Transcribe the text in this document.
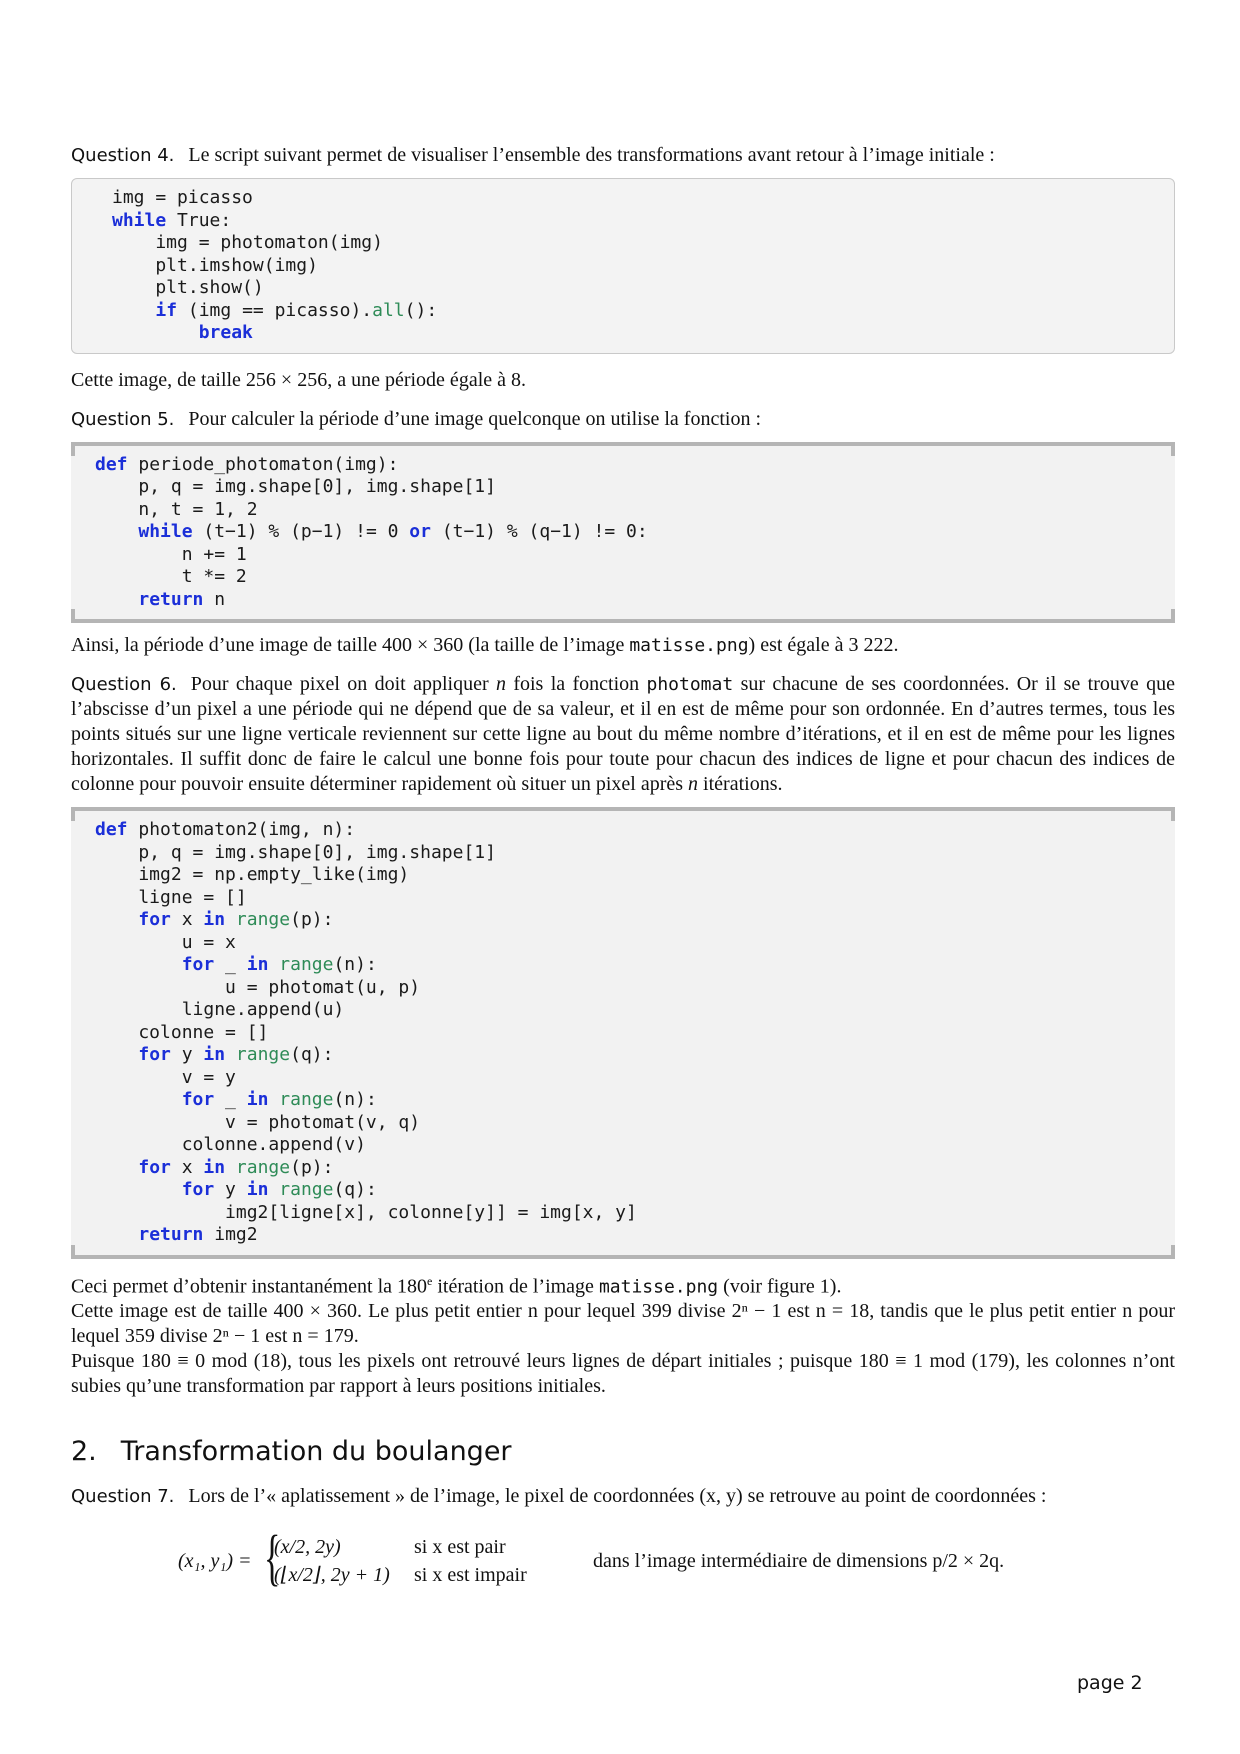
Question 4. Le script suivant permet de visualiser l’ensemble des transformations avant retour à l’image initiale :

img = picasso
while True:
img = photomaton(img)
plt.imshow(img)
plt.show()
if (img == picasso).all():
break

Cette image, de taille 256 × 256, a une période égale à 8.

Question 5. Pour calculer la période d’une image quelconque on utilise la fonction :

def periode_photomaton(img):
p, q = img.shape[0], img.shape[1]
n, t = 1, 2
while (t−1) % (p−1) != 0 or (t−1) % (q−1) != 0:
n += 1
t *= 2
return n

Ainsi, la période d’une image de taille 400 × 360 (la taille de l’image matisse.png) est égale à 3 222.

Question 6. Pour chaque pixel on doit appliquer n fois la fonction photomat sur chacune de ses coordonnées. Or il se trouve que l’abscisse d’un pixel a une période qui ne dépend que de sa valeur, et il en est de même pour son ordonnée. En d’autres termes, tous les points situés sur une ligne verticale reviennent sur cette ligne au bout du même nombre d’itérations, et il en est de même pour les lignes horizontales. Il suffit donc de faire le calcul une bonne fois pour toute pour chacun des indices de ligne et pour chacun des indices de colonne pour pouvoir ensuite déterminer rapidement où situer un pixel après n itérations.

def photomaton2(img, n):
p, q = img.shape[0], img.shape[1]
img2 = np.empty_like(img)
ligne = []
for x in range(p):
u = x
for _ in range(n):
u = photomat(u, p)
ligne.append(u)
colonne = []
for y in range(q):
v = y
for _ in range(n):
v = photomat(v, q)
colonne.append(v)
for x in range(p):
for y in range(q):
img2[ligne[x], colonne[y]] = img[x, y]
return img2

Ceci permet d’obtenir instantanément la 180e itération de l’image matisse.png (voir figure 1).

Cette image est de taille 400 × 360. Le plus petit entier n pour lequel 399 divise 2ⁿ − 1 est n = 18, tandis que le plus petit entier n pour lequel 359 divise 2ⁿ − 1 est n = 179.

Puisque 180 ≡ 0 mod (18), tous les pixels ont retrouvé leurs lignes de départ initiales ; puisque 180 ≡ 1 mod (179), les colonnes n’ont subies qu’une transformation par rapport à leurs positions initiales.

2. Transformation du boulanger

Question 7. Lors de l’« aplatissement » de l’image, le pixel de coordonnées (x, y) se retrouve au point de coordonnées :

(x₁, y₁) = {
(x/2, 2y)	si x est pair
(⌊x/2⌋, 2y + 1) si x est impair
dans l’image intermédiaire de dimensions p/2 × 2q.
page 2
